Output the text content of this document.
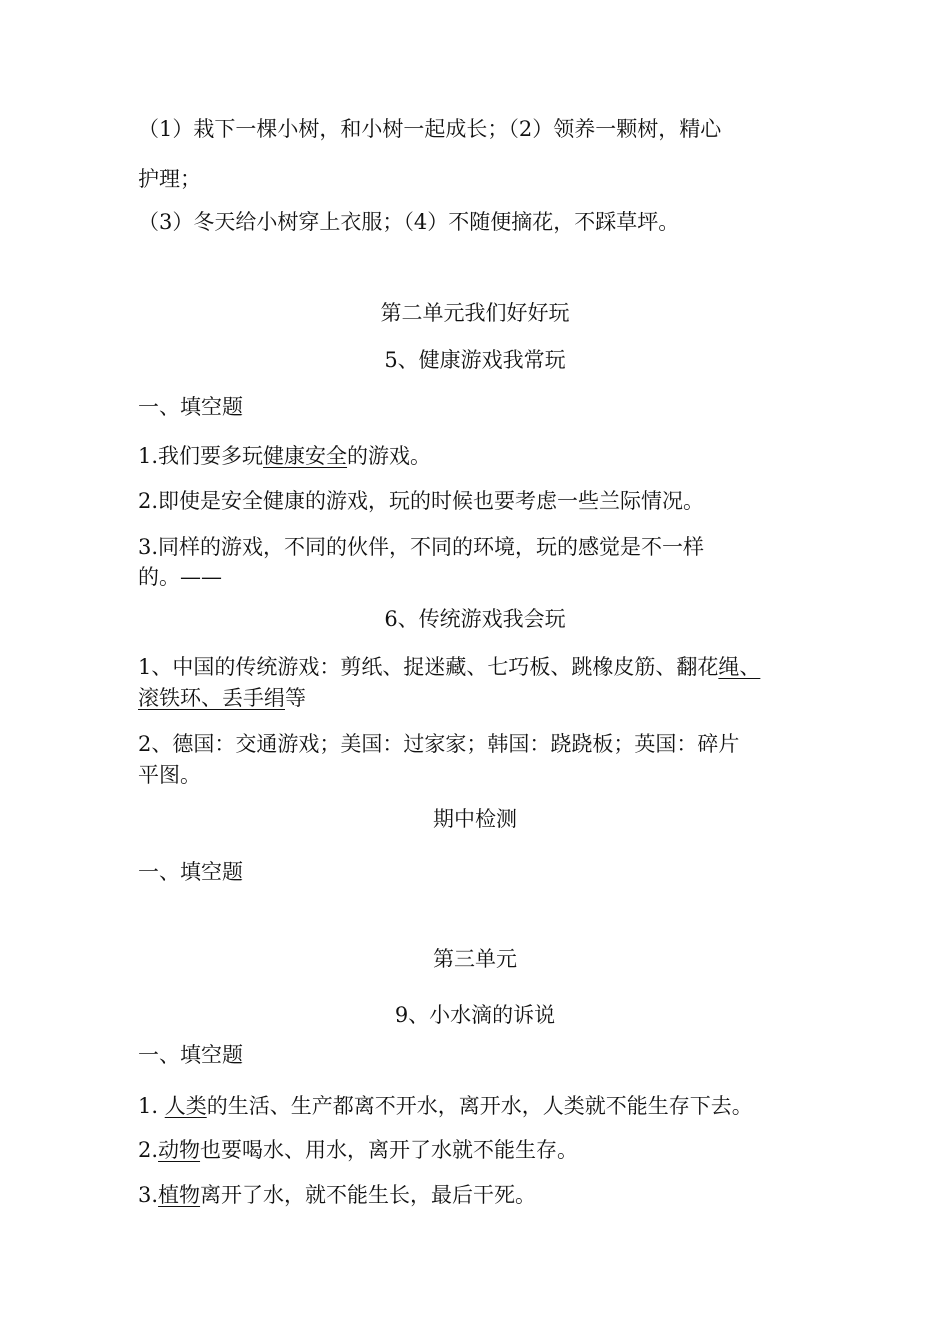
（1）栽下一棵小树，和小树一起成长；（2）领养一颗树，精心
护理；
（3）冬天给小树穿上衣服；（4）不随便摘花，不踩草坪。
第二单元我们好好玩
5、健康游戏我常玩
一、填空题
1.我们要多玩健康安全的游戏。
2.即使是安全健康的游戏，玩的时候也要考虑一些兰际情况。
3.同样的游戏，不同的伙伴，不同的环境，玩的感觉是不一样
的。——
6、传统游戏我会玩
1、中国的传统游戏：剪纸、捉迷藏、七巧板、跳橡皮筋、翻花绳、
滚铁环、丢手绢等
2、德国：交通游戏；美国：过家家；韩国：跷跷板；英国：碎片
平图。
期中检测
一、填空题
第三单元
9、小水滴的诉说
一、填空题
1. 人类的生活、生产都离不开水，离开水，人类就不能生存下去。
2.动物也要喝水、用水，离开了水就不能生存。
3.植物离开了水，就不能生长，最后干死。
